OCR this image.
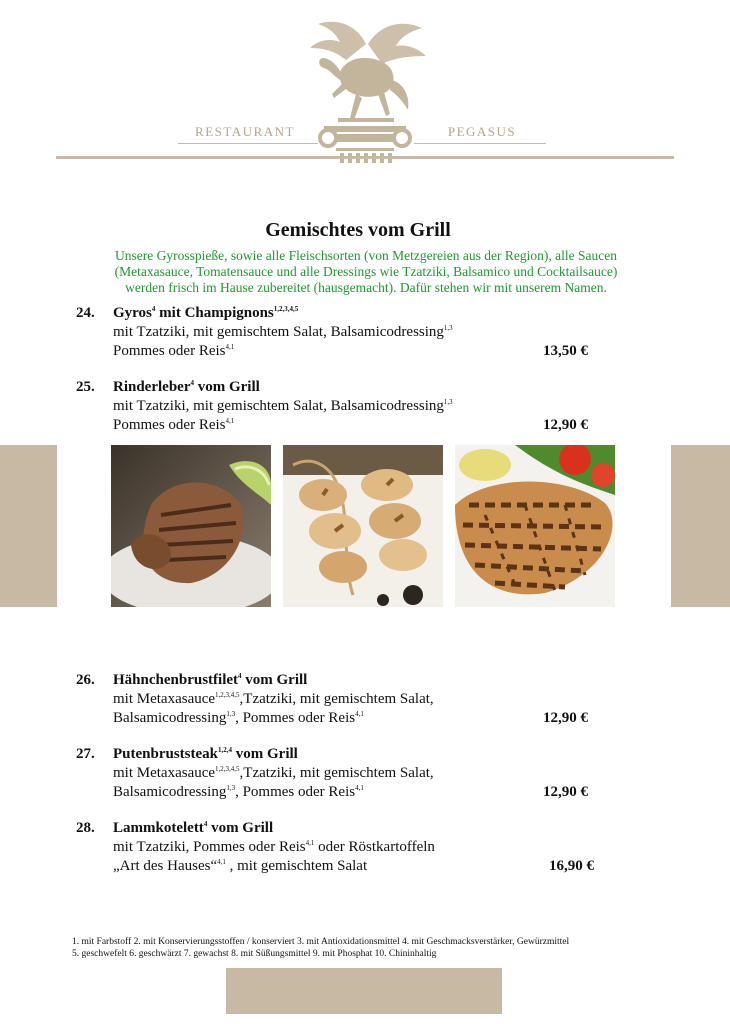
RESTAURANT	PEGASUS
Gemischtes vom Grill
Unsere Gyrosspieße, sowie alle Fleischsorten (von Metzgereien aus der Region), alle Saucen
(Metaxasauce, Tomatensauce und alle Dressings wie Tzatziki, Balsamico und Cocktailsauce)
werden frisch im Hause zubereitet (hausgemacht). Dafür stehen wir mit unserem Namen.
24. Gyros$^4$ mit Champignons$^{1,2,3,4,5}$
mit Tzatziki, mit gemischtem Salat, Balsamicodressing$^{1,3}$
Pommes oder Reis$^{4,1}$	13,50 €
25. Rinderleber$^4$ vom Grill
mit Tzatziki, mit gemischtem Salat, Balsamicodressing$^{1,3}$
Pommes oder Reis$^{4,1}$	12,90 €
26. Hähnchenbrustfilet$^4$ vom Grill
mit Metaxasauce$^{1,2,3,4,5}$,Tzatziki, mit gemischtem Salat,
Balsamicodressing$^{1,3}$, Pommes oder Reis$^{4,1}$	12,90 €
27. Putenbruststeak$^{1,2,4}$ vom Grill
mit Metaxasauce$^{1,2,3,4,5}$,Tzatziki, mit gemischtem Salat,
Balsamicodressing$^{1,3}$, Pommes oder Reis$^{4,1}$	12,90 €
28. Lammkotelett$^4$ vom Grill
mit Tzatziki, Pommes oder Reis$^{4,1}$ oder Röstkartoffeln
„Art des Hauses“$^{4,1}$ , mit gemischtem Salat	16,90 €
1. mit Farbstoff 2. mit Konservierungsstoffen / konserviert 3. mit Antioxidationsmittel 4. mit Geschmacksverstärker, Gewürzmittel
5. geschwefelt 6. geschwärzt 7. gewachst 8. mit Süßungsmittel 9. mit Phosphat 10. Chininhaltig
